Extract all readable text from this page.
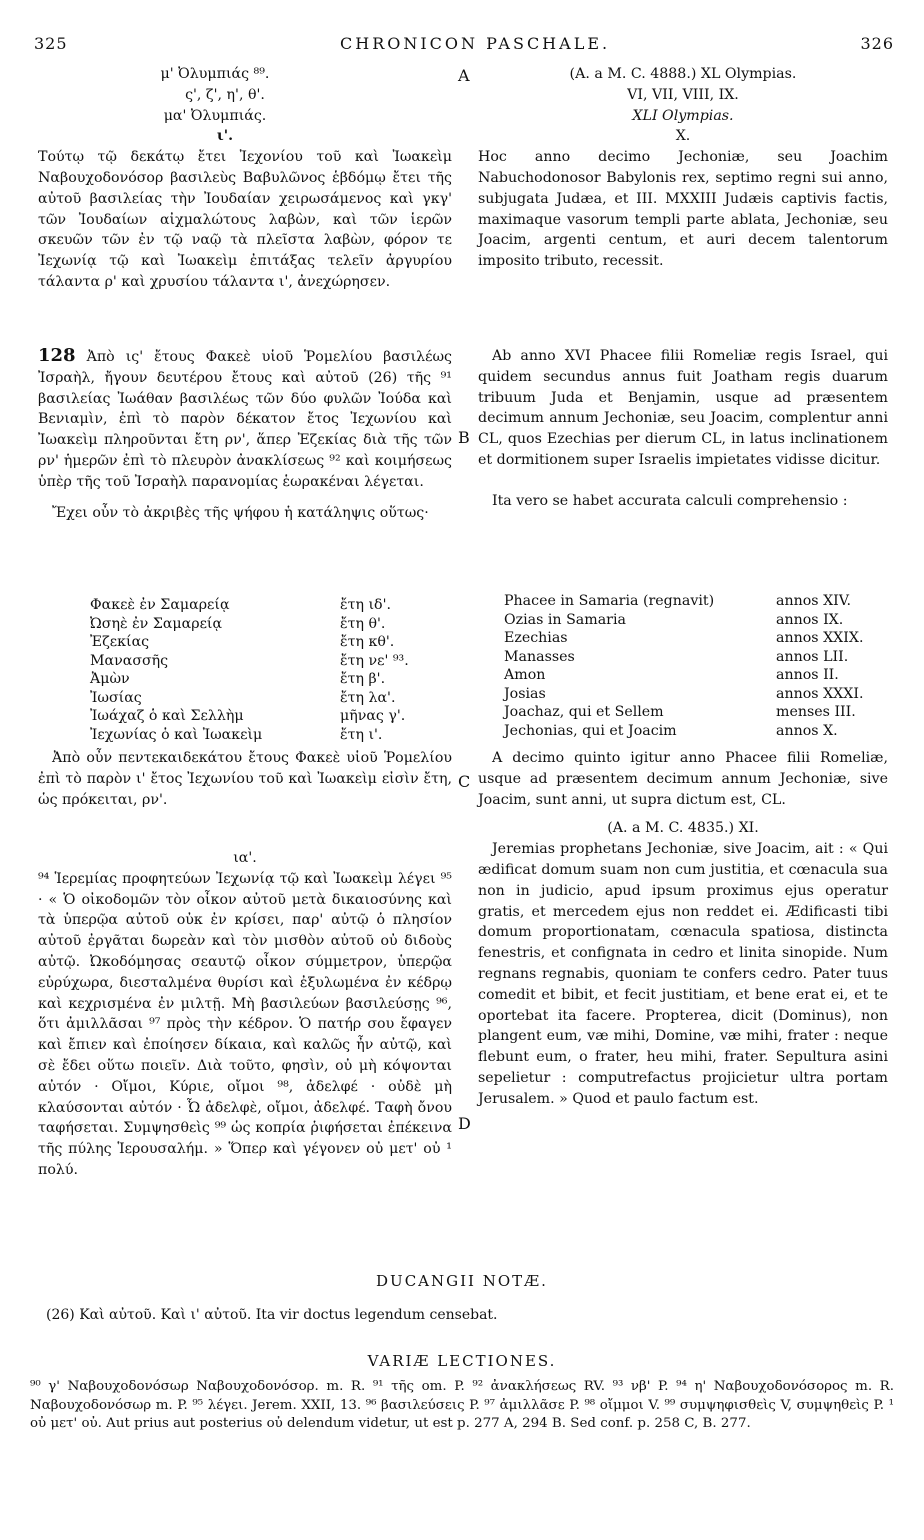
325	CHRONICON PASCHALE.	326
μ' Ὀλυμπιάς ⁸⁹.
ς', ζ', η', θ'.
μα' Ὀλυμπιάς.
ι'.

Τούτῳ τῷ δεκάτῳ ἔτει Ἰεχονίου τοῦ καὶ Ἰωακεὶμ Ναβουχοδονόσορ βασιλεὺς Βαβυλῶνος ἑβδόμῳ ἔτει τῆς αὐτοῦ βασιλείας τὴν Ἰουδαίαν χειρωσάμενος καὶ γκγ' τῶν Ἰουδαίων αἰχμαλώτους λαβὼν, καὶ τῶν ἱερῶν σκευῶν τῶν ἐν τῷ ναῷ τὰ πλεῖστα λαβὼν, φόρον τε Ἰεχωνίᾳ τῷ καὶ Ἰωακεὶμ ἐπιτάξας τελεῖν ἀργυρίου τάλαντα ρ' καὶ χρυσίου τάλαντα ι', ἀνεχώρησεν.

128 Ἀπὸ ις' ἔτους Φακεὲ υἱοῦ Ῥομελίου βασιλέως Ἰσραὴλ, ἤγουν δευτέρου ἔτους καὶ αὐτοῦ (26) τῆς ⁹¹ βασιλείας Ἰωάθαν βασιλέως τῶν δύο φυλῶν Ἰούδα καὶ Βενιαμὶν, ἐπὶ τὸ παρὸν δέκατον ἔτος Ἰεχωνίου καὶ Ἰωακεὶμ πληροῦνται ἔτη ρν', ἅπερ Ἐζεκίας διὰ τῆς τῶν ρν' ἡμερῶν ἐπὶ τὸ πλευρὸν ἀνακλίσεως ⁹² καὶ κοιμήσεως ὑπὲρ τῆς τοῦ Ἰσραὴλ παρανομίας ἑωρακέναι λέγεται.

Ἔχει οὖν τὸ ἀκριβὲς τῆς ψήφου ἡ κατάληψις οὕτως·

Φακεὲ ἐν Σαμαρείᾳ	ἔτη ιδ'.
Ὠσηὲ ἐν Σαμαρείᾳ	ἔτη θ'.
Ἐζεκίας	ἔτη κθ'.
Μανασσῆς	ἔτη νε' ⁹³.
Ἀμὼν	ἔτη β'.
Ἰωσίας	ἔτη λα'.
Ἰωάχαζ ὁ καὶ Σελλὴμ	μῆνας γ'.
Ἰεχωνίας ὁ καὶ Ἰωακεὶμ	ἔτη ι'.

Ἀπὸ οὖν πεντεκαιδεκάτου ἔτους Φακεὲ υἱοῦ Ῥομελίου ἐπὶ τὸ παρὸν ι' ἔτος Ἰεχωνίου τοῦ καὶ Ἰωακεὶμ εἰσὶν ἔτη, ὡς πρόκειται, ρν'.

ια'.

⁹⁴ Ἱερεμίας προφητεύων Ἰεχωνίᾳ τῷ καὶ Ἰωακεὶμ λέγει ⁹⁵ · « Ὁ οἰκοδομῶν τὸν οἶκον αὐτοῦ μετὰ δικαιοσύνης καὶ τὰ ὑπερῷα αὐτοῦ οὐκ ἐν κρίσει, παρ' αὐτῷ ὁ πλησίον αὐτοῦ ἐργᾶται δωρεὰν καὶ τὸν μισθὸν αὐτοῦ οὐ διδοὺς αὐτῷ. Ὠκοδόμησας σεαυτῷ οἶκον σύμμετρον, ὑπερῷα εὐρύχωρα, διεσταλμένα θυρίσι καὶ ἐξυλωμένα ἐν κέδρῳ καὶ κεχρισμένα ἐν μιλτῇ. Μὴ βασιλεύων βασιλεύσῃς ⁹⁶, ὅτι ἀμιλλᾶσαι ⁹⁷ πρὸς τὴν κέδρον. Ὁ πατήρ σου ἔφαγεν καὶ ἔπιεν καὶ ἐποίησεν δίκαια, καὶ καλῶς ἦν αὐτῷ, καὶ σὲ ἔδει οὕτω ποιεῖν. Διὰ τοῦτο, φησὶν, οὐ μὴ κόψονται αὐτόν · Οἴμοι, Κύριε, οἴμοι ⁹⁸, ἀδελφέ · οὐδὲ μὴ κλαύσονται αὐτόν · Ὦ ἀδελφὲ, οἴμοι, ἀδελφέ. Ταφὴ ὄνου ταφήσεται. Συμψησθεὶς ⁹⁹ ὡς κοπρία ῥιφήσεται ἐπέκεινα τῆς πύλης Ἱερουσαλήμ. » Ὅπερ καὶ γέγονεν οὐ μετ' οὐ ¹ πολύ.

A
B
C
D
(A. a M. C. 4888.) XL Olympias.
VI, VII, VIII, IX.
XLI Olympias.
X.

Hoc anno decimo Jechoniæ, seu Joachim Nabuchodonosor Babylonis rex, septimo regni sui anno, subjugata Judæa, et III. MXXIII Judæis captivis factis, maximaque vasorum templi parte ablata, Jechoniæ, seu Joacim, argenti centum, et auri decem talentorum imposito tributo, recessit.

Ab anno XVI Phacee filii Romeliæ regis Israel, qui quidem secundus annus fuit Joatham regis duarum tribuum Juda et Benjamin, usque ad præsentem decimum annum Jechoniæ, seu Joacim, complentur anni CL, quos Ezechias per dierum CL, in latus inclinationem et dormitionem super Israelis impietates vidisse dicitur.

Ita vero se habet accurata calculi comprehensio :

Phacee in Samaria (regnavit)	annos XIV.
Ozias in Samaria	annos IX.
Ezechias	annos XXIX.
Manasses	annos LII.
Amon	annos II.
Josias	annos XXXI.
Joachaz, qui et Sellem	menses III.
Jechonias, qui et Joacim	annos X.

A decimo quinto igitur anno Phacee filii Romeliæ, usque ad præsentem decimum annum Jechoniæ, sive Joacim, sunt anni, ut supra dictum est, CL.

(A. a M. C. 4835.) XI.

Jeremias prophetans Jechoniæ, sive Joacim, ait : « Qui ædificat domum suam non cum justitia, et cœnacula sua non in judicio, apud ipsum proximus ejus operatur gratis, et mercedem ejus non reddet ei. Ædificasti tibi domum proportionatam, cœnacula spatiosa, distincta fenestris, et confignata in cedro et linita sinopide. Num regnans regnabis, quoniam te confers cedro. Pater tuus comedit et bibit, et fecit justitiam, et bene erat ei, et te oportebat ita facere. Propterea, dicit (Dominus), non plangent eum, væ mihi, Domine, væ mihi, frater : neque flebunt eum, o frater, heu mihi, frater. Sepultura asini sepelietur : computrefactus projicietur ultra portam Jerusalem. » Quod et paulo factum est.

DUCANGII NOTÆ.
(26) Καὶ αὐτοῦ. Καὶ ι' αὐτοῦ. Ita vir doctus legendum censebat.
VARIÆ LECTIONES.
⁹⁰ γ' Ναβουχοδονόσωρ Ναβουχοδονόσορ. m. R. ⁹¹ τῆς om. P. ⁹² ἀνακλήσεως RV. ⁹³ νβ' P. ⁹⁴ η' Ναβουχοδονόσορος m. R. Ναβουχοδονόσωρ m. P. ⁹⁵ λέγει. Jerem. XXII, 13. ⁹⁶ βασιλεύσεις P. ⁹⁷ ἀμιλλᾶσε P. ⁹⁸ οἴμμοι V. ⁹⁹ συμψηφισθεὶς V, συμψηθεὶς P. ¹ οὐ μετ' οὐ. Aut prius aut posterius οὐ delendum videtur, ut est p. 277 A, 294 B. Sed conf. p. 258 C, B. 277.
